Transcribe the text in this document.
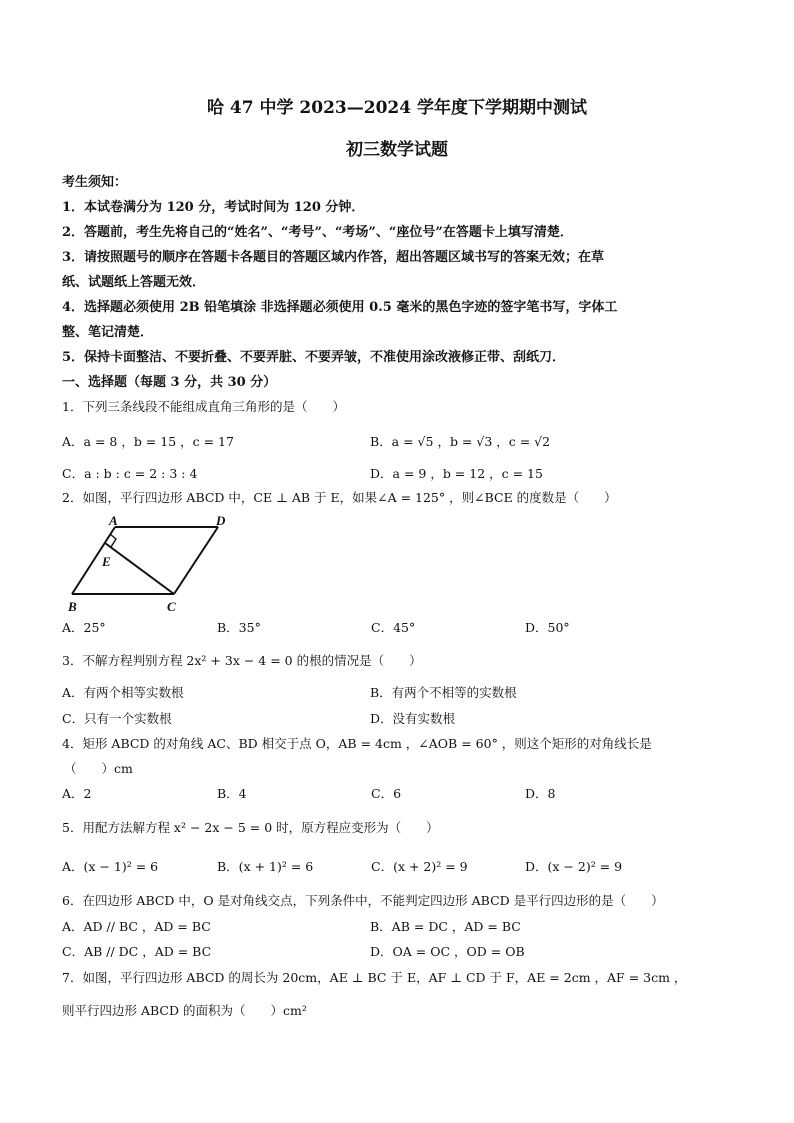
哈 47 中学 2023—2024 学年度下学期期中测试
初三数学试题
考生须知：
1．本试卷满分为 120 分，考试时间为 120 分钟．
2．答题前，考生先将自己的“姓名”、“考号”、“考场”、“座位号”在答题卡上填写清楚．
3．请按照题号的顺序在答题卡各题目的答题区域内作答，超出答题区域书写的答案无效；在草
纸、试题纸上答题无效．
4．选择题必须使用 2B 铅笔填涂 非选择题必须使用 0.5 毫米的黑色字迹的签字笔书写，字体工
整、笔记清楚．
5．保持卡面整洁、不要折叠、不要弄脏、不要弄皱，不准使用涂改液修正带、刮纸刀．
一、选择题（每题 3 分，共 30 分）
1．下列三条线段不能组成直角三角形的是（　　）
A．a = 8 ，b = 15 ，c = 17	B．a = √5 ，b = √3 ，c = √2
C．a : b : c = 2 : 3 : 4	D．a = 9 ，b = 12 ，c = 15
2．如图，平行四边形 ABCD 中，CE ⊥ AB 于 E，如果∠A = 125° ，则∠BCE 的度数是（　　）
A	D
E
B	C
A．25°	B．35°	C．45°	D．50°
3．不解方程判别方程 2x² + 3x − 4 = 0 的根的情况是（　　）
A．有两个相等实数根	B．有两个不相等的实数根
C．只有一个实数根	D．没有实数根
4．矩形 ABCD 的对角线 AC、BD 相交于点 O，AB = 4cm ，∠AOB = 60° ，则这个矩形的对角线长是
（　　）cm
A．2	B．4	C．6	D．8
5．用配方法解方程 x² − 2x − 5 = 0 时，原方程应变形为（　　）
A．(x − 1)² = 6	B．(x + 1)² = 6	C．(x + 2)² = 9	D．(x − 2)² = 9
6．在四边形 ABCD 中，O 是对角线交点，下列条件中，不能判定四边形 ABCD 是平行四边形的是（　　）
A．AD // BC ，AD = BC	B．AB = DC ，AD = BC
C．AB // DC ，AD = BC	D．OA = OC ，OD = OB
7．如图，平行四边形 ABCD 的周长为 20cm，AE ⊥ BC 于 E，AF ⊥ CD 于 F，AE = 2cm ，AF = 3cm ，
则平行四边形 ABCD 的面积为（　　）cm²
